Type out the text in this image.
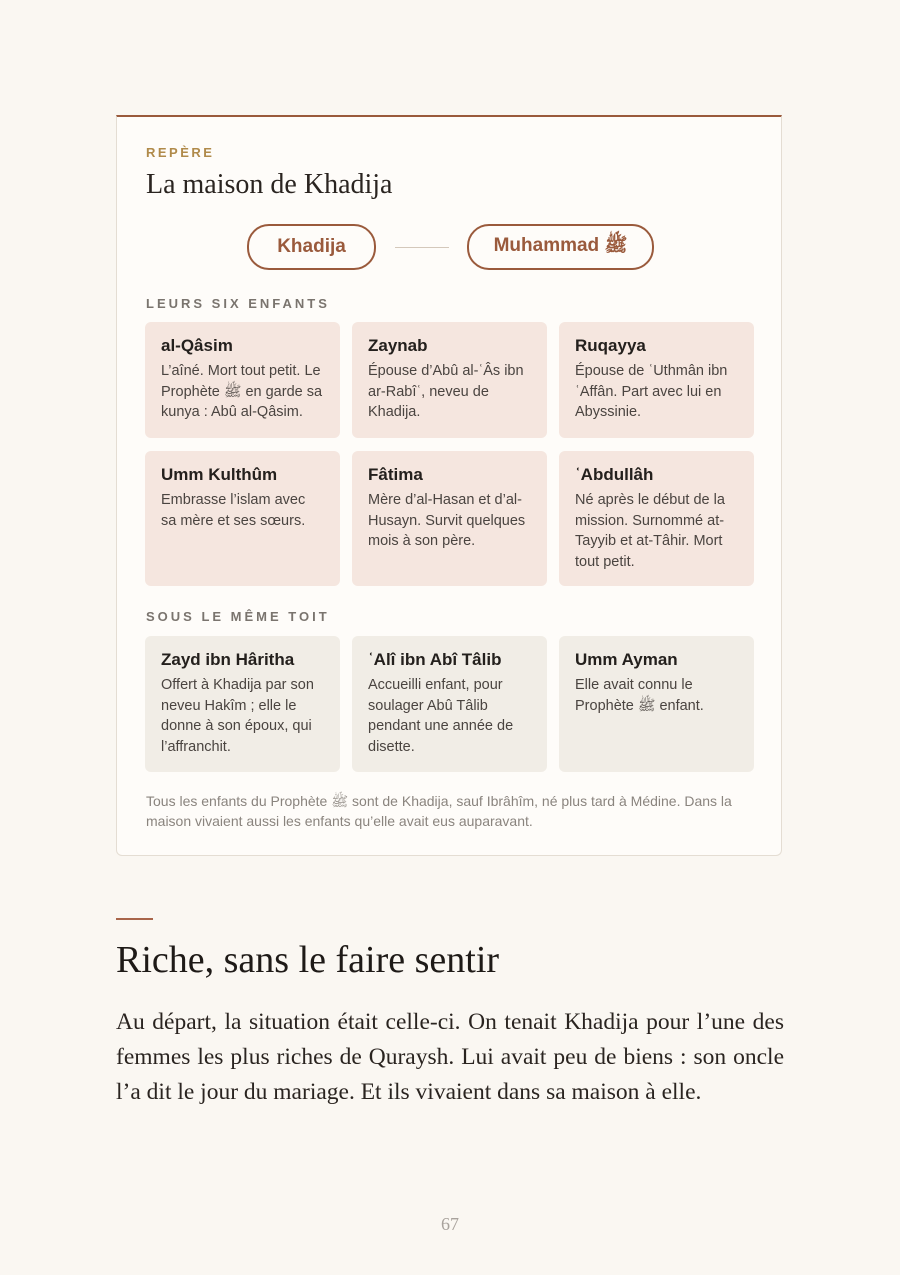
REPÈRE
La maison de Khadija
Khadija	Muhammad ﷺ
LEURS SIX ENFANTS
al-Qâsim
L’aîné. Mort tout petit. Le Prophète ﷺ en garde sa kunya : Abû al-Qâsim.
Zaynab
Épouse d’Abû al-ʿÂs ibn ar-Rabîʿ, neveu de Khadija.
Ruqayya
Épouse de ʿUthmân ibn ʿAffân. Part avec lui en Abyssinie.
Umm Kulthûm
Embrasse l’islam avec sa mère et ses sœurs.
Fâtima
Mère d’al-Hasan et d’al-Husayn. Survit quelques mois à son père.
ʿAbdullâh
Né après le début de la mission. Surnommé at-Tayyib et at-Tâhir. Mort tout petit.
SOUS LE MÊME TOIT
Zayd ibn Hâritha
Offert à Khadija par son neveu Hakîm ; elle le donne à son époux, qui l’affranchit.
ʿAlî ibn Abî Tâlib
Accueilli enfant, pour soulager Abû Tâlib pendant une année de disette.
Umm Ayman
Elle avait connu le Prophète ﷺ enfant.
Tous les enfants du Prophète ﷺ sont de Khadija, sauf Ibrâhîm, né plus tard à Médine. Dans la maison vivaient aussi les enfants qu’elle avait eus auparavant.
Riche, sans le faire sentir
Au départ, la situation était celle-ci. On tenait Khadija pour l’une des femmes les plus riches de Quraysh. Lui avait peu de biens : son oncle l’a dit le jour du mariage. Et ils vivaient dans sa maison à elle.
67
